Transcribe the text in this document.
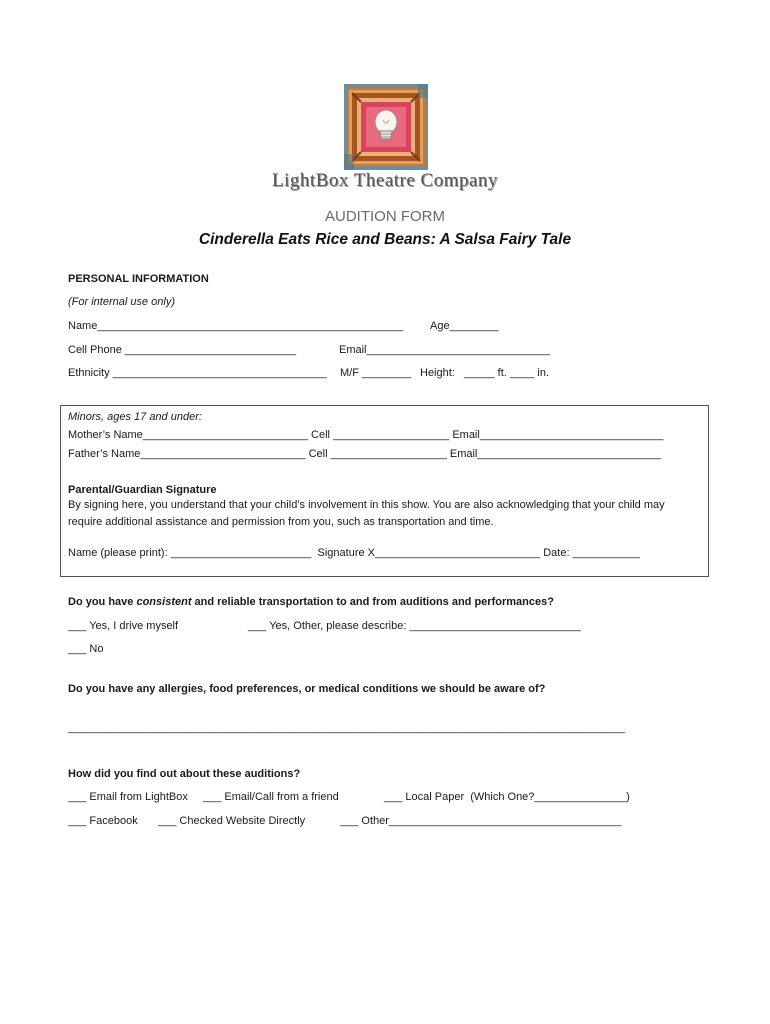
LightBox Theatre Company
AUDITION FORM
Cinderella Eats Rice and Beans: A Salsa Fairy Tale
PERSONAL INFORMATION
(For internal use only)
Name__________________________________________________ Age________
Cell Phone ____________________________	Email______________________________
Ethnicity ___________________________________ M/F ________ Height:   _____ ft. ____ in.
Minors, ages 17 and under:
Mother’s Name___________________________ Cell ___________________ Email______________________________
Father’s Name___________________________ Cell ___________________ Email______________________________
Parental/Guardian Signature
By signing here, you understand that your child’s involvement in this show. You are also acknowledging that your child may
require additional assistance and permission from you, such as transportation and time.
Name (please print): _______________________  Signature X___________________________ Date: ___________
Do you have consistent and reliable transportation to and from auditions and performances?
___ Yes, I drive myself	___ Yes, Other, please describe: ____________________________
___ No
Do you have any allergies, food preferences, or medical conditions we should be aware of?
___________________________________________________________________________________________
How did you find out about these auditions?
___ Email from LightBox ___ Email/Call from a friend	___ Local Paper  (Which One?_______________)
___ Facebook ___ Checked Website Directly	___ Other______________________________________
